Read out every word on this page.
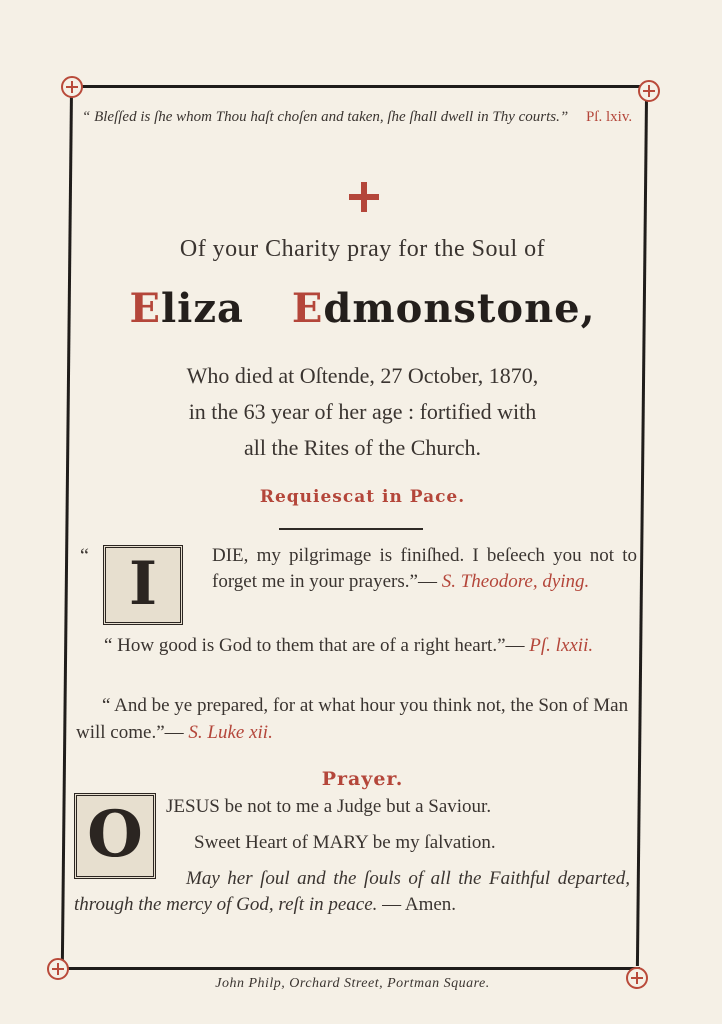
“ Bleſſed is ſhe whom Thou haſt choſen and taken, ſhe ſhall dwell in Thy courts.” Pſ. lxiv.
Of your Charity pray for the Soul of
Eliza Edmonstone,
Who died at Oſtende, 27 October, 1870,
in the 63 year of her age : fortified with
all the Rites of the Church.
Requiescat in Pace.
“ I	DIE, my pilgrimage is finiſhed. I beſeech you not to forget me in your prayers.”— S. Theodore, dying.
“ How good is God to them that are of a right heart.”— Pſ. lxxii.
“ And be ye prepared, for at what hour you think not, the Son of Man will come.”— S. Luke xii.
Prayer.
O	JESUS be not to me a Judge but a Saviour.
Sweet Heart of MARY be my ſalvation.
May her ſoul and the ſouls of all the Faithful departed, through the mercy of God, reſt in peace. — Amen.
John Philp, Orchard Street, Portman Square.
